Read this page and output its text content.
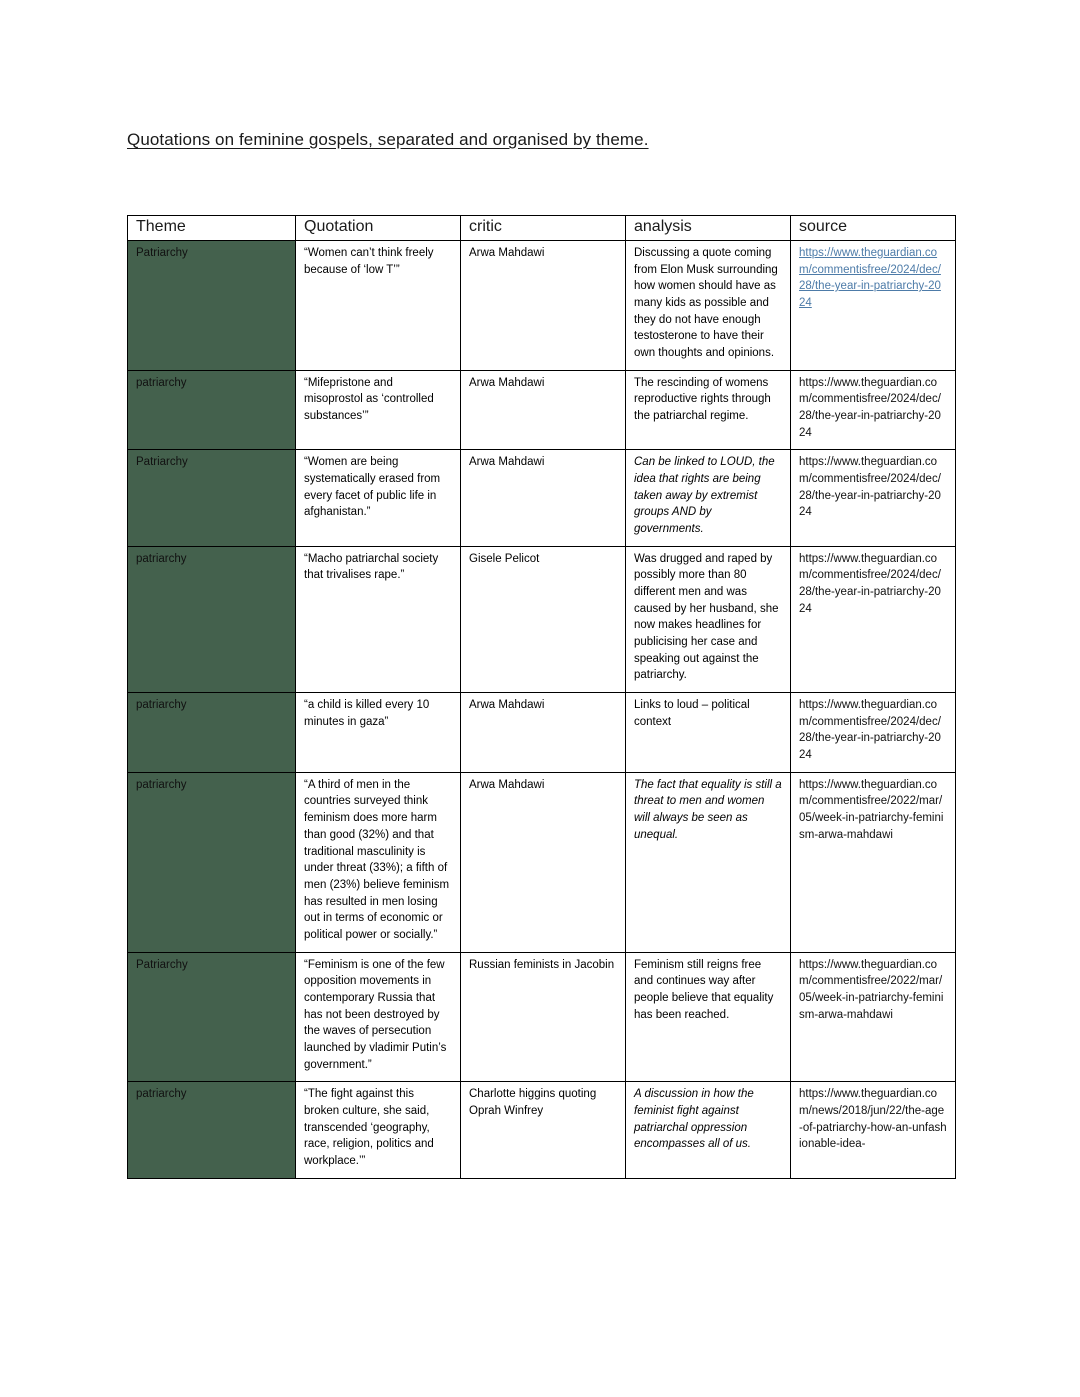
Quotations on feminine gospels, separated and organised by theme.
Theme	Quotation	critic	analysis	source
Patriarchy	“Women can’t think freely because of ‘low T’”	Arwa Mahdawi	Discussing a quote coming from Elon Musk surrounding how women should have as many kids as possible and they do not have enough testosterone to have their own thoughts and opinions.	https://www.theguardian.com/commentisfree/2024/dec/28/the-year-in-patriarchy-2024
patriarchy	“Mifepristone and misoprostol as ‘controlled substances’”	Arwa Mahdawi	The rescinding of womens reproductive rights through the patriarchal regime.	https://www.theguardian.com/commentisfree/2024/dec/28/the-year-in-patriarchy-2024
Patriarchy	“Women are being systematically erased from every facet of public life in afghanistan.”	Arwa Mahdawi	Can be linked to LOUD, the idea that rights are being taken away by extremist groups AND by governments.	https://www.theguardian.com/commentisfree/2024/dec/28/the-year-in-patriarchy-2024
patriarchy	“Macho patriarchal society that trivalises rape.”	Gisele Pelicot	Was drugged and raped by possibly more than 80 different men and was caused by her husband, she now makes headlines for publicising her case and speaking out against the patriarchy.	https://www.theguardian.com/commentisfree/2024/dec/28/the-year-in-patriarchy-2024
patriarchy	“a child is killed every 10 minutes in gaza”	Arwa Mahdawi	Links to loud – political context	https://www.theguardian.com/commentisfree/2024/dec/28/the-year-in-patriarchy-2024
patriarchy	“A third of men in the countries surveyed think feminism does more harm than good (32%) and that traditional masculinity is under threat (33%); a fifth of men (23%) believe feminism has resulted in men losing out in terms of economic or political power or socially.”	Arwa Mahdawi	The fact that equality is still a threat to men and women will always be seen as unequal.	https://www.theguardian.com/commentisfree/2022/mar/05/week-in-patriarchy-feminism-arwa-mahdawi
Patriarchy	“Feminism is one of the few opposition movements in contemporary Russia that has not been destroyed by the waves of persecution launched by vladimir Putin’s government.”	Russian feminists in Jacobin	Feminism still reigns free and continues way after people believe that equality has been reached.	https://www.theguardian.com/commentisfree/2022/mar/05/week-in-patriarchy-feminism-arwa-mahdawi
patriarchy	“The fight against this broken culture, she said, transcended ‘geography, race, religion, politics and workplace.’”	Charlotte higgins quoting Oprah Winfrey	A discussion in how the feminist fight against patriarchal oppression encompasses all of us.	https://www.theguardian.com/news/2018/jun/22/the-age-of-patriarchy-how-an-unfashionable-idea-
